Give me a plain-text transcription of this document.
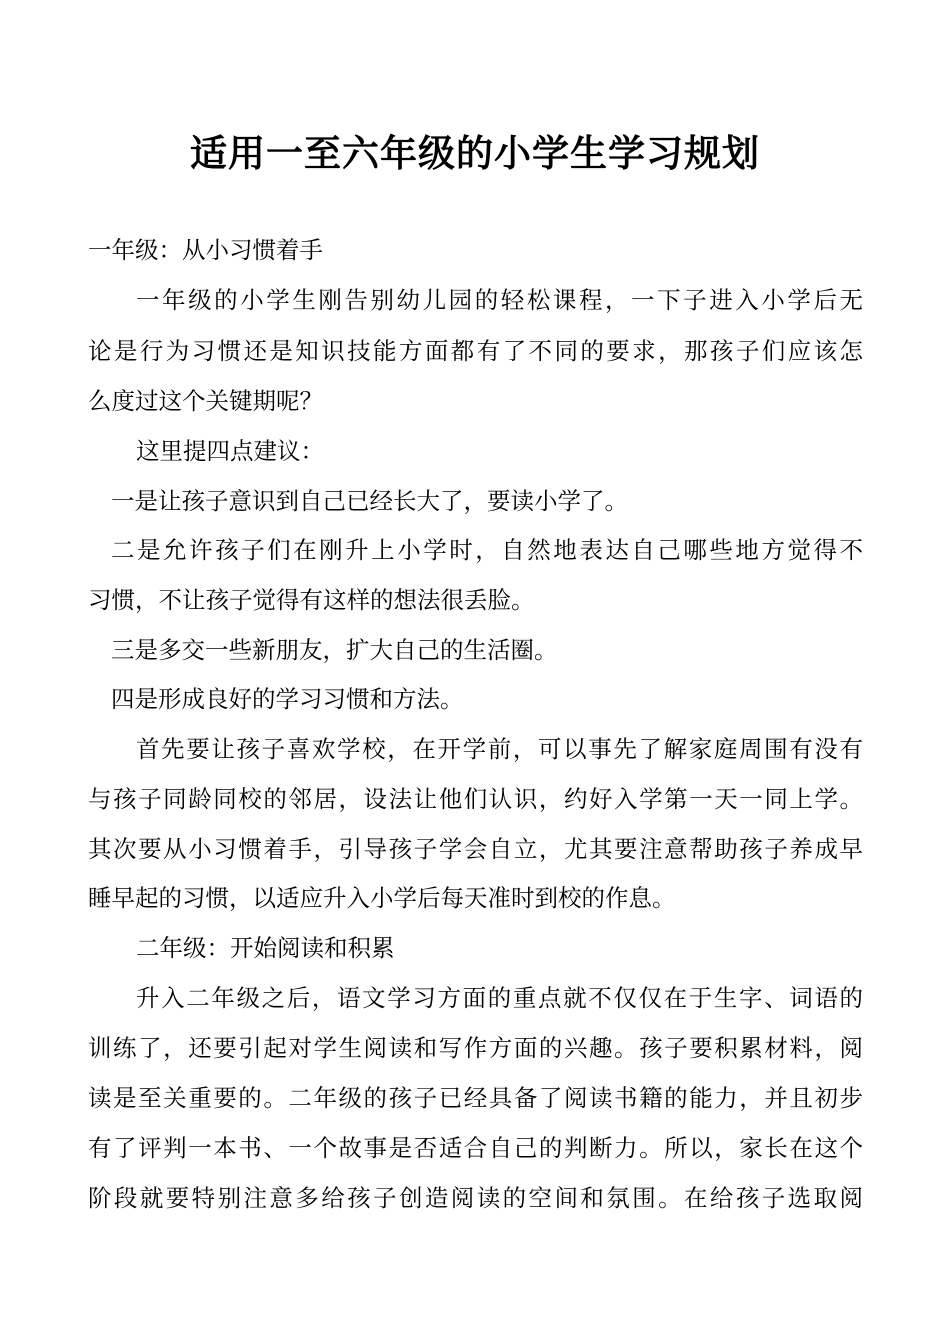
适用一至六年级的小学生学习规划
一年级：从小习惯着手
一年级的小学生刚告别幼儿园的轻松课程，一下子进入小学后无
论是行为习惯还是知识技能方面都有了不同的要求，那孩子们应该怎
么度过这个关键期呢？
这里提四点建议：
一是让孩子意识到自己已经长大了，要读小学了。
二是允许孩子们在刚升上小学时，自然地表达自己哪些地方觉得不
习惯，不让孩子觉得有这样的想法很丢脸。
三是多交一些新朋友，扩大自己的生活圈。
四是形成良好的学习习惯和方法。
首先要让孩子喜欢学校，在开学前，可以事先了解家庭周围有没有
与孩子同龄同校的邻居，设法让他们认识，约好入学第一天一同上学。
其次要从小习惯着手，引导孩子学会自立，尤其要注意帮助孩子养成早
睡早起的习惯，以适应升入小学后每天准时到校的作息。
二年级：开始阅读和积累
升入二年级之后，语文学习方面的重点就不仅仅在于生字、词语的
训练了，还要引起对学生阅读和写作方面的兴趣。孩子要积累材料，阅
读是至关重要的。二年级的孩子已经具备了阅读书籍的能力，并且初步
有了评判一本书、一个故事是否适合自己的判断力。所以，家长在这个
阶段就要特别注意多给孩子创造阅读的空间和氛围。在给孩子选取阅
